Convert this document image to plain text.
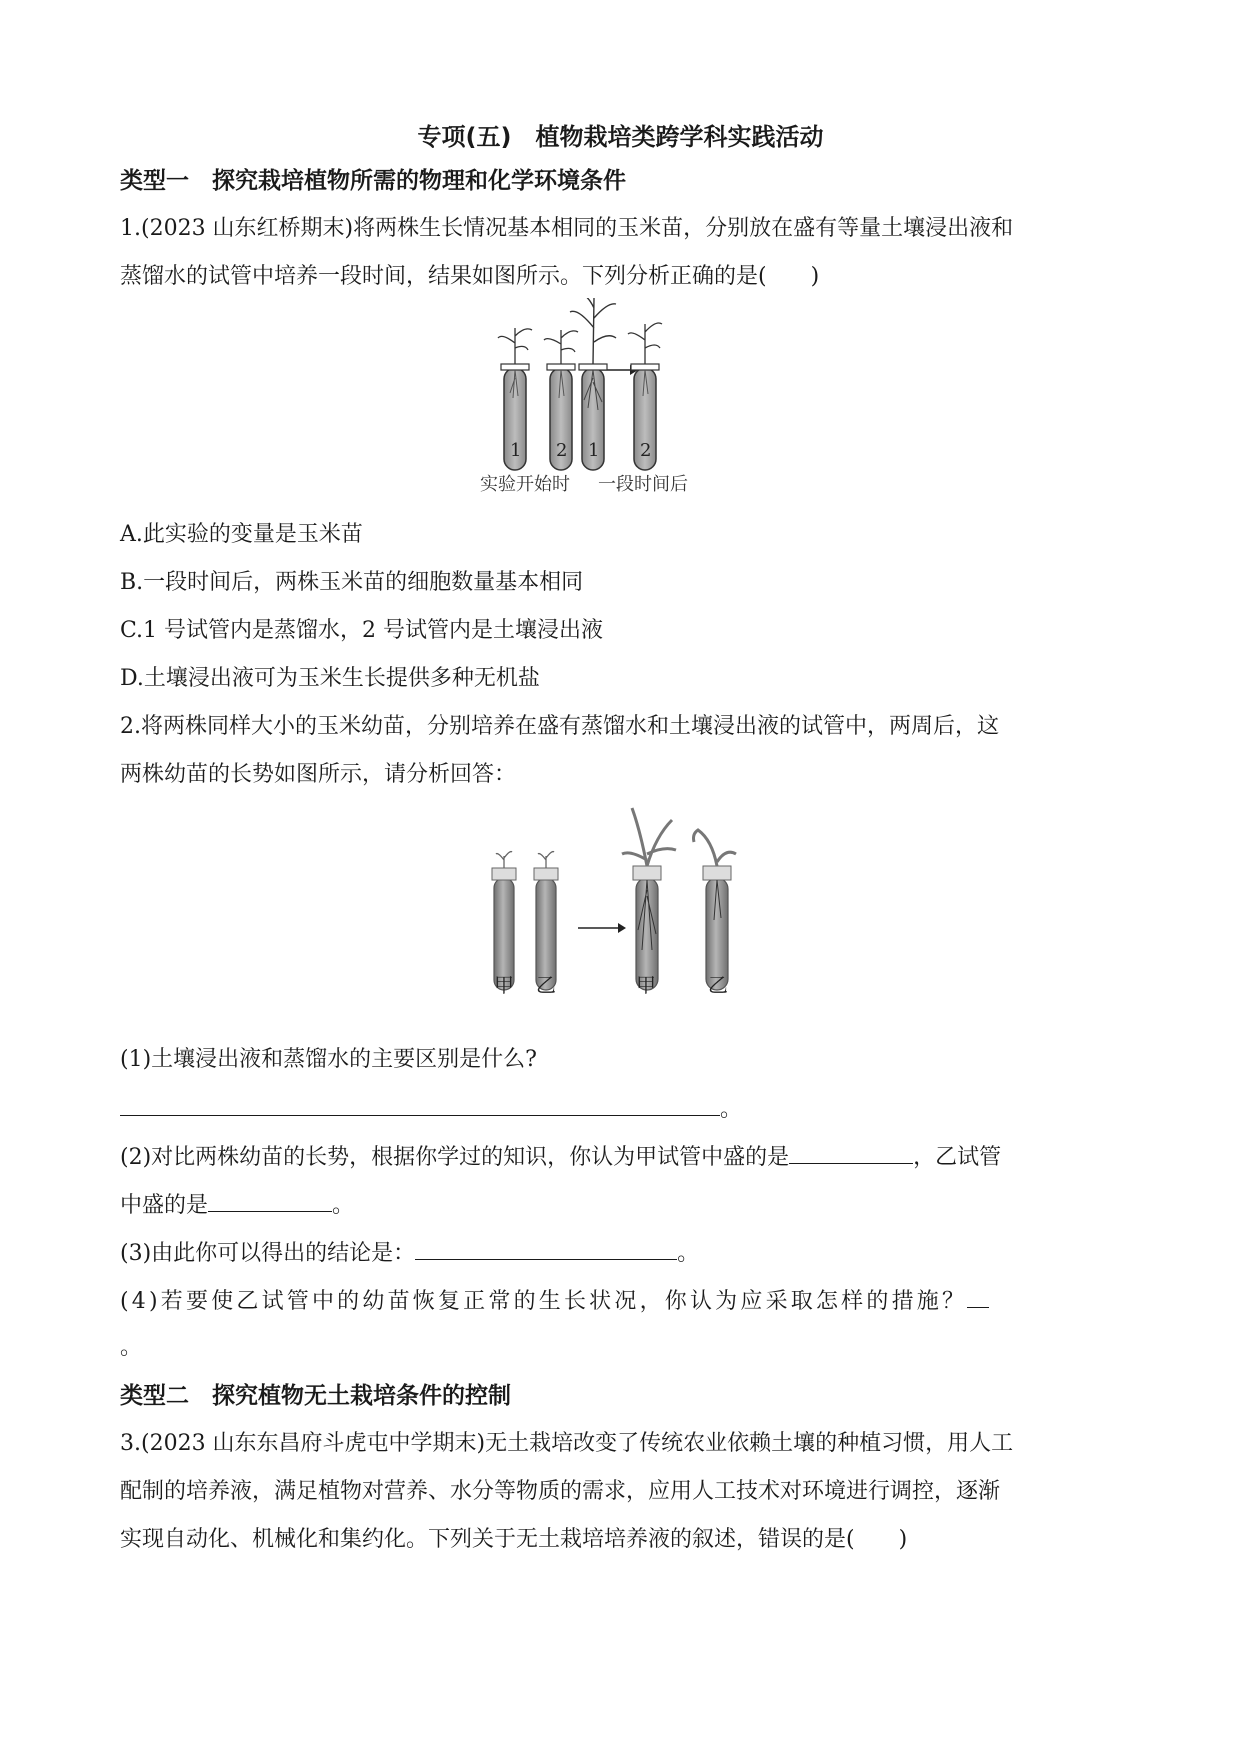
专项(五)　植物栽培类跨学科实践活动
类型一　探究栽培植物所需的物理和化学环境条件
1.(2023 山东红桥期末)将两株生长情况基本相同的玉米苗，分别放在盛有等量土壤浸出液和
蒸馏水的试管中培养一段时间，结果如图所示。下列分析正确的是(　　)
1 2 1 2
实验开始时 一段时间后
A.此实验的变量是玉米苗
B.一段时间后，两株玉米苗的细胞数量基本相同
C.1 号试管内是蒸馏水，2 号试管内是土壤浸出液
D.土壤浸出液可为玉米生长提供多种无机盐
2.将两株同样大小的玉米幼苗，分别培养在盛有蒸馏水和土壤浸出液的试管中，两周后，这
两株幼苗的长势如图所示，请分析回答：
甲 乙	甲	乙
(1)土壤浸出液和蒸馏水的主要区别是什么?
。
(2)对比两株幼苗的长势，根据你学过的知识，你认为甲试管中盛的是	，乙试管
中盛的是	。
(3)由此你可以得出的结论是：	。
(4)若要使乙试管中的幼苗恢复正常的生长状况，你认为应采取怎样的措施？
。
类型二　探究植物无土栽培条件的控制
3.(2023 山东东昌府斗虎屯中学期末)无土栽培改变了传统农业依赖土壤的种植习惯，用人工
配制的培养液，满足植物对营养、水分等物质的需求，应用人工技术对环境进行调控，逐渐
实现自动化、机械化和集约化。下列关于无土栽培培养液的叙述，错误的是(　　)
